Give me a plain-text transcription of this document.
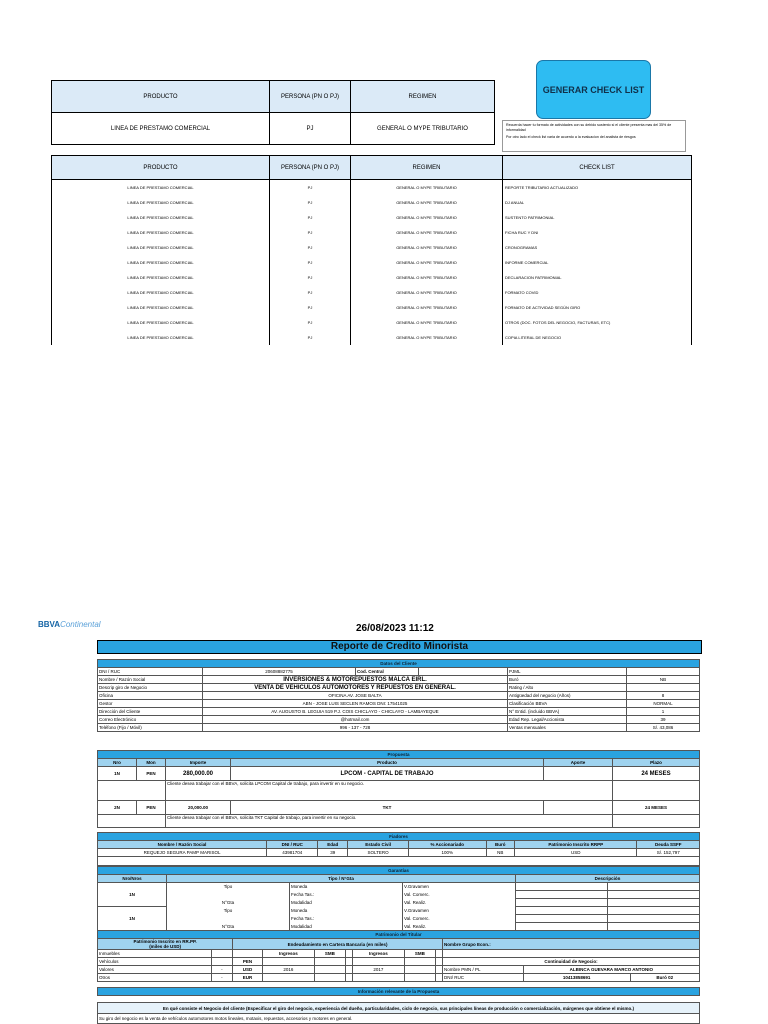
PRODUCTO	PERSONA (PN O PJ)	REGIMEN
LINEA DE PRESTAMO COMERCIAL	PJ	GENERAL O MYPE TRIBUTARIO
GENERAR CHECK LIST

Recuerda hacer tu formato de actividades con su debido sustento si el cliente presenta mas del 35% de informalidad

Por otro lado el check list varia de acuerdo a la evaluacion del analista de riesgos

PRODUCTO	PERSONA (PN O PJ)	REGIMEN	CHECK LIST
LINEA DE PRESTAMO COMERCIAL	PJ	GENERAL O MYPE TRIBUTARIO	REPORTE TRIBUTARIO ACTUALIZADO
LINEA DE PRESTAMO COMERCIAL	PJ	GENERAL O MYPE TRIBUTARIO	DJ ANUAL
LINEA DE PRESTAMO COMERCIAL	PJ	GENERAL O MYPE TRIBUTARIO	SUSTENTO PATRIMONIAL
LINEA DE PRESTAMO COMERCIAL	PJ	GENERAL O MYPE TRIBUTARIO	FICHA RUC Y DNI
LINEA DE PRESTAMO COMERCIAL	PJ	GENERAL O MYPE TRIBUTARIO	CRONOGRAMAS
LINEA DE PRESTAMO COMERCIAL	PJ	GENERAL O MYPE TRIBUTARIO	INFORME COMERCIAL
LINEA DE PRESTAMO COMERCIAL	PJ	GENERAL O MYPE TRIBUTARIO	DECLARACION PATRIMONIAL
LINEA DE PRESTAMO COMERCIAL	PJ	GENERAL O MYPE TRIBUTARIO	FORMATO COVID
LINEA DE PRESTAMO COMERCIAL	PJ	GENERAL O MYPE TRIBUTARIO	FORMATO DE ACTIVIDAD SEGÚN GIRO
LINEA DE PRESTAMO COMERCIAL	PJ	GENERAL O MYPE TRIBUTARIO	OTROS (DOC. FOTOS DEL NEGOCIO, FACTURAS, ETC)
LINEA DE PRESTAMO COMERCIAL	PJ	GENERAL O MYPE TRIBUTARIO	COPIA LITERAL DE NEGOCIO
BBVAContinental	26/08/2023 11:12
Reporte de Credito Minorista
Datos del Cliente					
DNI / RUC	20608882775	Cod. Central		PJML	
Nombre / Razón Social	INVERSIONES & MOTOREPUESTOS MALCA EIRL.			Buró	NB
Descrip giro de Negocio	VENTA DE VEHICULOS AUTOMOTORES Y REPUESTOS EN GENERAL.			Rating / Alto	
Oficina	OFICINA AV. JOSE BALTA			Antigüedad del negocio (Años)	8
Gestor	ABN - JOSE LUIS SECLEN RAMOS DNI: 17541025			Clasificación BBVA	NORMAL
Dirección del Cliente	AV. AUGUSTO B. LEGUIA 519 P.J. COIS CHICLAYO - CHICLAYO - LAMBAYEQUE			N° Entid. (incluido BBVA)	1
Correo Electrónico	@hotmail.com			Edad Rep. Legal/Accionista	39
Teléfono (Fijo / Móvil)	996 - 137 - 728			Ventas mensuales	S/. 43,086
Propuesta					
Nro	Mon	Importe	Producto	Aporte	Plazo
1N	PEN	280,000.00	LPCOM - CAPITAL DE TRABAJO		24 MESES
		Cliente desea trabajar con el BBVA, solicita LPCOM Capital de trabajo, para invertir en su negocio.			
2N	PEN	20,000.00	TKT		24 MESES
		Cliente desea trabajar con el BBVA, solicita TKT Capital de trabajo, para invertir en su negocio.			
Fiadores							
Nombre / Razón Social	DNI / RUC	Edad	Estado Civil	% Accionariado	Buró	Patrimonio Inscrito RRPP	Deuda SSFF
REQUEJO SEGURA PAMP MARISOL	43981704	39	SOLTERO	100%	NB	USD	S/. 152,797

Garantías					
Nro/Nros	Tipo / N°Gta			Descripción	
1N	Tipo	Moneda	V.Gravamen		
		Fecha Tas.:	Val. Comerc.		
	N°Gta	Modalidad	Val. Realiz.		
1N	Tipo	Moneda	V.Gravamen		
		Fecha Tas.:	Val. Comerc.		
	N°Gta	Modalidad	Val. Realiz.		
Patrimonio del Titular											
Patrimonio Inscrito en RR.PP.
(miles de USD)		Endeudamiento en Cartera Bancaria (en miles)							Nombre Grupo Econ.:		
Inmuebles			Ingresos	SMB		Ingresos	SMB				
Vehículos		PEN							Continuidad de Negocio:		
Valores	-	USD	2016			2017			Nombre PMN / PL	ALBINCA GUEVARA MARCO ANTONIO	
Otros	-	EUR							DNI/ RUC	10413858691	Buró 02
Información relevante de la Propuesta

En qué consiste el Negocio del cliente (Especificar el giro del negocio, experiencia del dueño, particularidades, ciclo de negocio, sus principales líneas de producción o comercialización, márgenes que obtiene el mismo.)
Su giro del negocio es la venta de vehículos automotores motos lineales, motaxis, repuestos, accesorios y motores en general.
